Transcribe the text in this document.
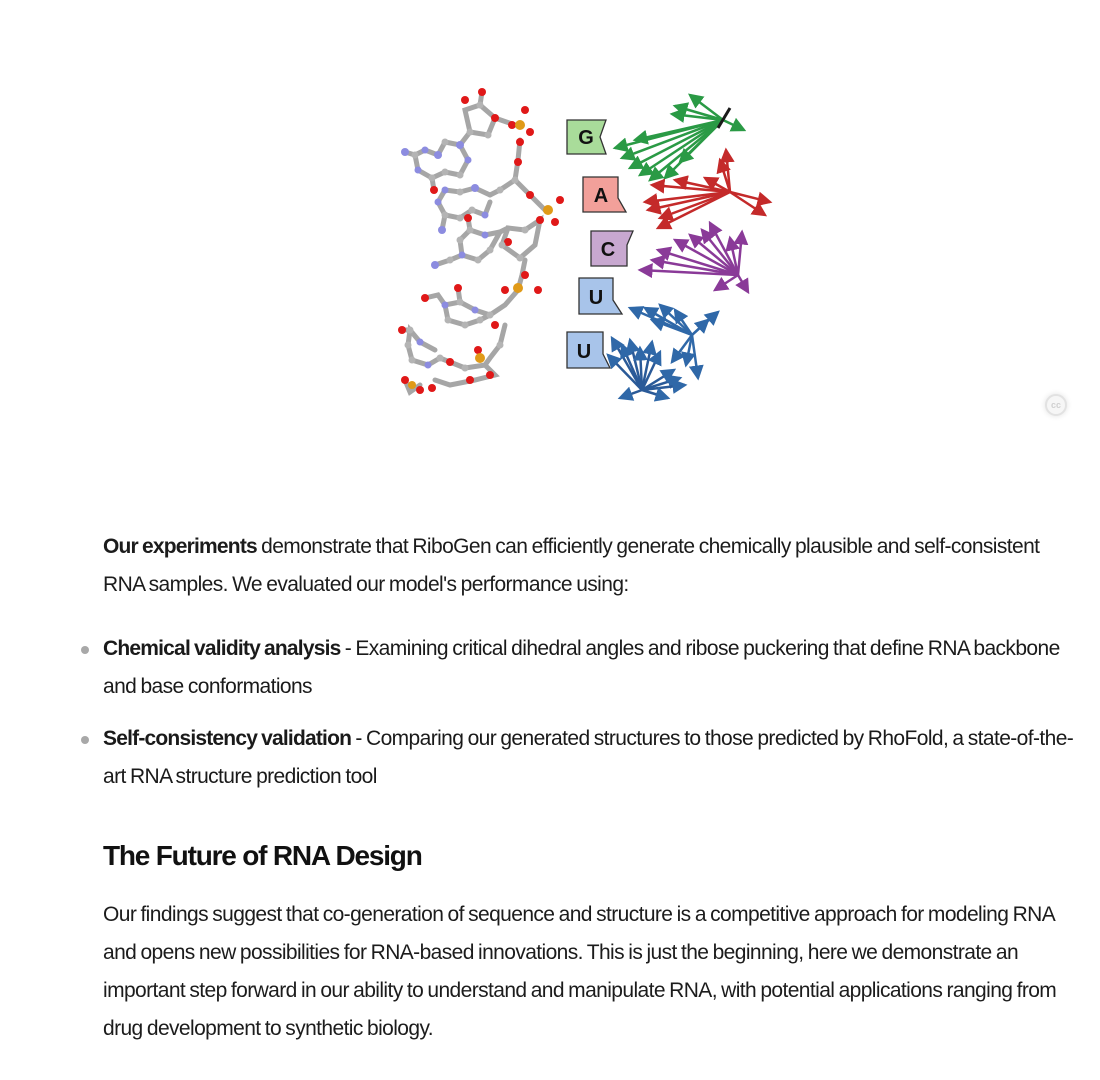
G
A
C
U
U
cc

Our experiments demonstrate that RiboGen can efficiently generate chemically plausible and self-consistent RNA samples. We evaluated our model's performance using:

Chemical validity analysis - Examining critical dihedral angles and ribose puckering that define RNA backbone and base conformations
Self-consistency validation - Comparing our generated structures to those predicted by RhoFold, a state-of-the-art RNA structure prediction tool
The Future of RNA Design

Our findings suggest that co-generation of sequence and structure is a competitive approach for modeling RNA and opens new possibilities for RNA-based innovations. This is just the beginning, here we demonstrate an important step forward in our ability to understand and manipulate RNA, with potential applications ranging from drug development to synthetic biology.
